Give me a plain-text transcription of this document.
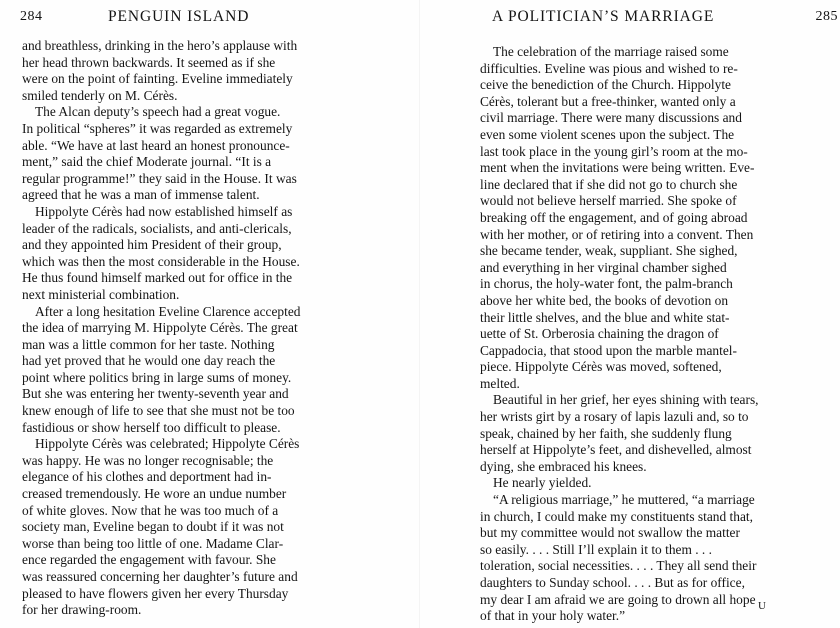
284	PENGUIN ISLAND
and breathless, drinking in the hero’s applause with
her head thrown backwards. It seemed as if she
were on the point of fainting. Eveline immediately
smiled tenderly on M. Cérès.
The Alcan deputy’s speech had a great vogue.
In political “spheres” it was regarded as extremely
able. “We have at last heard an honest pronounce-
ment,” said the chief Moderate journal. “It is a
regular programme!” they said in the House. It was
agreed that he was a man of immense talent.
Hippolyte Cérès had now established himself as
leader of the radicals, socialists, and anti-clericals,
and they appointed him President of their group,
which was then the most considerable in the House.
He thus found himself marked out for office in the
next ministerial combination.
After a long hesitation Eveline Clarence accepted
the idea of marrying M. Hippolyte Cérès. The great
man was a little common for her taste. Nothing
had yet proved that he would one day reach the
point where politics bring in large sums of money.
But she was entering her twenty-seventh year and
knew enough of life to see that she must not be too
fastidious or show herself too difficult to please.
Hippolyte Cérès was celebrated; Hippolyte Cérès
was happy. He was no longer recognisable; the
elegance of his clothes and deportment had in-
creased tremendously. He wore an undue number
of white gloves. Now that he was too much of a
society man, Eveline began to doubt if it was not
worse than being too little of one. Madame Clar-
ence regarded the engagement with favour. She
was reassured concerning her daughter’s future and
pleased to have flowers given her every Thursday
for her drawing-room.
A POLITICIAN’S MARRIAGE	285
The celebration of the marriage raised some
difficulties. Eveline was pious and wished to re-
ceive the benediction of the Church. Hippolyte
Cérès, tolerant but a free-thinker, wanted only a
civil marriage. There were many discussions and
even some violent scenes upon the subject. The
last took place in the young girl’s room at the mo-
ment when the invitations were being written. Eve-
line declared that if she did not go to church she
would not believe herself married. She spoke of
breaking off the engagement, and of going abroad
with her mother, or of retiring into a convent. Then
she became tender, weak, suppliant. She sighed,
and everything in her virginal chamber sighed
in chorus, the holy-water font, the palm-branch
above her white bed, the books of devotion on
their little shelves, and the blue and white stat-
uette of St. Orberosia chaining the dragon of
Cappadocia, that stood upon the marble mantel-
piece. Hippolyte Cérès was moved, softened,
melted.
Beautiful in her grief, her eyes shining with tears,
her wrists girt by a rosary of lapis lazuli and, so to
speak, chained by her faith, she suddenly flung
herself at Hippolyte’s feet, and dishevelled, almost
dying, she embraced his knees.
He nearly yielded.
“A religious marriage,” he muttered, “a marriage
in church, I could make my constituents stand that,
but my committee would not swallow the matter
so easily. . . . Still I’ll explain it to them . . .
toleration, social necessities. . . . They all send their
daughters to Sunday school. . . . But as for office,
my dear I am afraid we are going to drown all hope
of that in your holy water.”
U
